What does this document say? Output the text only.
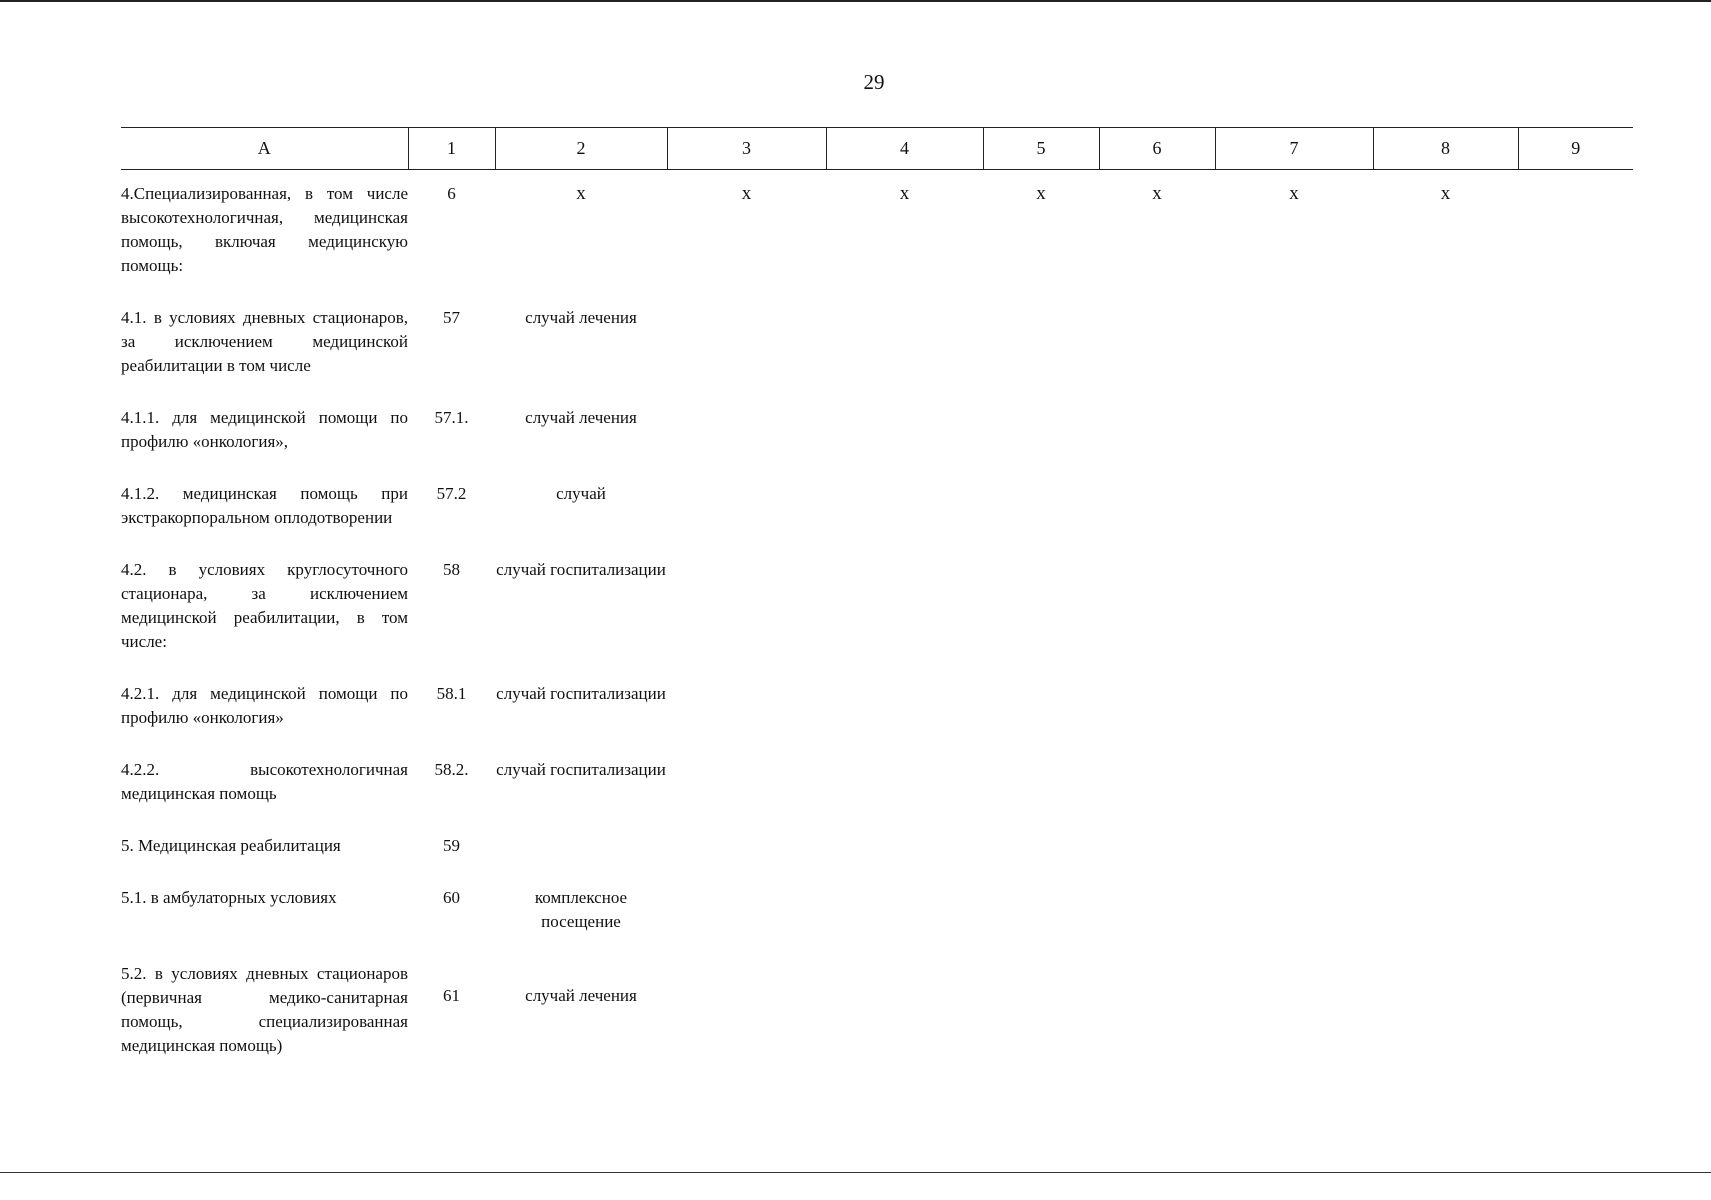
29
А	1	2	3	4	5	6	7	8	9
4.Специализированная, в том числе высокотехнологичная, медицинская помощь, включая медицинскую помощь:	6	х	х	х	х	х	х	х	
4.1. в условиях дневных стационаров, за исключением медицинской реабилитации в том числе	57	случай лечения							
4.1.1. для медицинской помощи по профилю «онкология»,	57.1.	случай лечения							
4.1.2. медицинская помощь при экстракорпоральном оплодотворении	57.2	случай							
4.2. в условиях круглосуточного стационара, за исключением медицинской реабилитации, в том числе:	58	случай госпитализации							
4.2.1. для медицинской помощи по профилю «онкология»	58.1	случай госпитализации							
4.2.2. высокотехнологичная медицинская помощь	58.2.	случай госпитализации							
5. Медицинская реабилитация	59								
5.1. в амбулаторных условиях	60	комплексное посещение							
5.2. в условиях дневных стационаров (первичная медико-санитарная помощь, специализированная медицинская помощь)	61	случай лечения							
